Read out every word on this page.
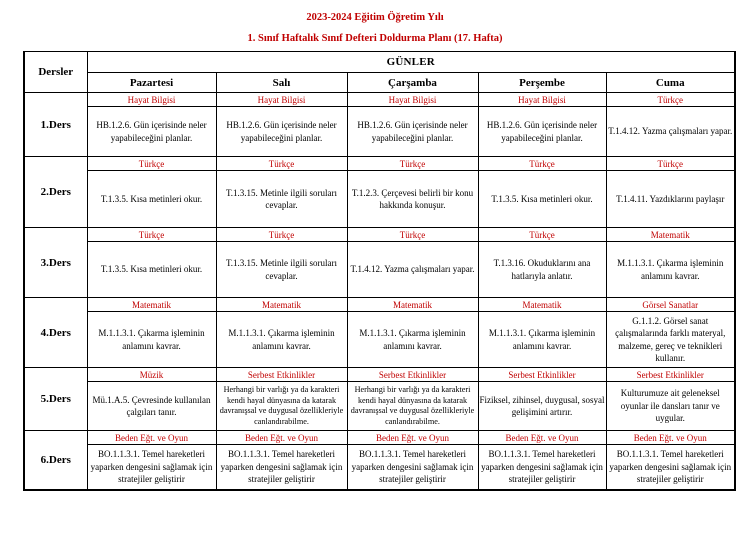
2023-2024 Eğitim Öğretim Yılı
1. Sınıf Haftalık Sınıf Defteri Doldurma Planı (17. Hafta)
Dersler	GÜNLER				
	Pazartesi	Salı	Çarşamba	Perşembe	Cuma
1.Ders	Hayat Bilgisi	Hayat Bilgisi	Hayat Bilgisi	Hayat Bilgisi	Türkçe
	HB.1.2.6. Gün içerisinde neler yapabileceğini planlar.	HB.1.2.6. Gün içerisinde neler yapabileceğini planlar.	HB.1.2.6. Gün içerisinde neler yapabileceğini planlar.	HB.1.2.6. Gün içerisinde neler yapabileceğini planlar.	T.1.4.12. Yazma çalışmaları yapar.
2.Ders	Türkçe	Türkçe	Türkçe	Türkçe	Türkçe
	T.1.3.5. Kısa metinleri okur.	T.1.3.15. Metinle ilgili soruları cevaplar.	T.1.2.3. Çerçevesi belirli bir konu hakkında konuşur.	T.1.3.5. Kısa metinleri okur.	T.1.4.11. Yazdıklarını paylaşır
3.Ders	Türkçe	Türkçe	Türkçe	Türkçe	Matematik
	T.1.3.5. Kısa metinleri okur.	T.1.3.15. Metinle ilgili soruları cevaplar.	T.1.4.12. Yazma çalışmaları yapar.	T.1.3.16. Okuduklarını ana hatlarıyla anlatır.	M.1.1.3.1. Çıkarma işleminin anlamını kavrar.
4.Ders	Matematik	Matematik	Matematik	Matematik	Görsel Sanatlar
	M.1.1.3.1. Çıkarma işleminin anlamını kavrar.	M.1.1.3.1. Çıkarma işleminin anlamını kavrar.	M.1.1.3.1. Çıkarma işleminin anlamını kavrar.	M.1.1.3.1. Çıkarma işleminin anlamını kavrar.	G.1.1.2. Görsel sanat çalışmalarında farklı materyal, malzeme, gereç ve teknikleri kullanır.
5.Ders	Müzik	Serbest Etkinlikler	Serbest Etkinlikler	Serbest Etkinlikler	Serbest Etkinlikler
	Mü.1.A.5. Çevresinde kullanılan çalgıları tanır.	Herhangi bir varlığı ya da karakteri kendi hayal dünyasına da katarak davranışsal ve duygusal özellikleriyle canlandırabilme.	Herhangi bir varlığı ya da karakteri kendi hayal dünyasına da katarak davranışsal ve duygusal özellikleriyle canlandırabilme.	Fiziksel, zihinsel, duygusal, sosyal gelişimini artırır.	Kulturumuze ait geleneksel oyunlar ile dansları tanır ve uygular.
6.Ders	Beden Eğt. ve Oyun	Beden Eğt. ve Oyun	Beden Eğt. ve Oyun	Beden Eğt. ve Oyun	Beden Eğt. ve Oyun
	BO.1.1.3.1. Temel hareketleri yaparken dengesini sağlamak için stratejiler geliştirir	BO.1.1.3.1. Temel hareketleri yaparken dengesini sağlamak için stratejiler geliştirir	BO.1.1.3.1. Temel hareketleri yaparken dengesini sağlamak için stratejiler geliştirir	BO.1.1.3.1. Temel hareketleri yaparken dengesini sağlamak için stratejiler geliştirir	BO.1.1.3.1. Temel hareketleri yaparken dengesini sağlamak için stratejiler geliştirir
